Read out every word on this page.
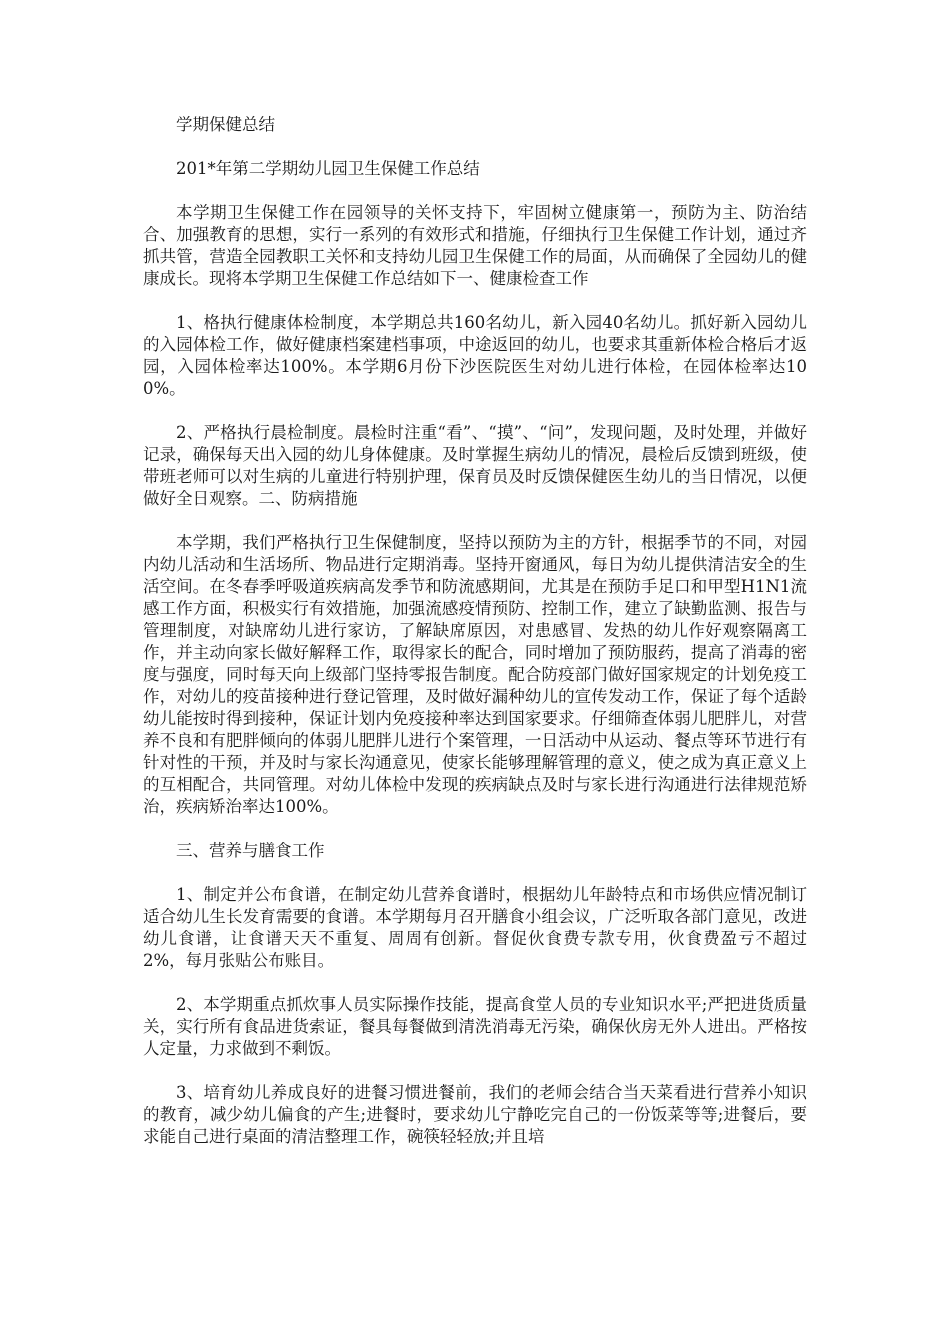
学期保健总结

201*年第二学期幼儿园卫生保健工作总结

本学期卫生保健工作在园领导的关怀支持下，牢固树立健康第一，预防为主、防治结合、加强教育的思想，实行一系列的有效形式和措施，仔细执行卫生保健工作计划，通过齐抓共管，营造全园教职工关怀和支持幼儿园卫生保健工作的局面，从而确保了全园幼儿的健康成长。现将本学期卫生保健工作总结如下一、健康检查工作

1、格执行健康体检制度，本学期总共160名幼儿，新入园40名幼儿。抓好新入园幼儿的入园体检工作，做好健康档案建档事项，中途返回的幼儿，也要求其重新体检合格后才返园，入园体检率达100%。本学期6月份下沙医院医生对幼儿进行体检，在园体检率达100%。

2、严格执行晨检制度。晨检时注重“看”、“摸”、“问”，发现问题，及时处理，并做好记录，确保每天出入园的幼儿身体健康。及时掌握生病幼儿的情况，晨检后反馈到班级，使带班老师可以对生病的儿童进行特别护理，保育员及时反馈保健医生幼儿的当日情况，以便做好全日观察。二、防病措施

本学期，我们严格执行卫生保健制度，坚持以预防为主的方针，根据季节的不同，对园内幼儿活动和生活场所、物品进行定期消毒。坚持开窗通风，每日为幼儿提供清洁安全的生活空间。在冬春季呼吸道疾病高发季节和防流感期间，尤其是在预防手足口和甲型H1N1流感工作方面，积极实行有效措施，加强流感疫情预防、控制工作，建立了缺勤监测、报告与管理制度，对缺席幼儿进行家访，了解缺席原因，对患感冒、发热的幼儿作好观察隔离工作，并主动向家长做好解释工作，取得家长的配合，同时增加了预防服药，提高了消毒的密度与强度，同时每天向上级部门坚持零报告制度。配合防疫部门做好国家规定的计划免疫工作，对幼儿的疫苗接种进行登记管理，及时做好漏种幼儿的宣传发动工作，保证了每个适龄幼儿能按时得到接种，保证计划内免疫接种率达到国家要求。仔细筛查体弱儿肥胖儿，对营养不良和有肥胖倾向的体弱儿肥胖儿进行个案管理，一日活动中从运动、餐点等环节进行有针对性的干预，并及时与家长沟通意见，使家长能够理解管理的意义，使之成为真正意义上的互相配合，共同管理。对幼儿体检中发现的疾病缺点及时与家长进行沟通进行法律规范矫治，疾病矫治率达100%。

三、营养与膳食工作

1、制定并公布食谱，在制定幼儿营养食谱时，根据幼儿年龄特点和市场供应情况制订适合幼儿生长发育需要的食谱。本学期每月召开膳食小组会议，广泛听取各部门意见，改进幼儿食谱，让食谱天天不重复、周周有创新。督促伙食费专款专用，伙食费盈亏不超过2%，每月张贴公布账目。

2、本学期重点抓炊事人员实际操作技能，提高食堂人员的专业知识水平;严把进货质量关，实行所有食品进货索证，餐具每餐做到清洗消毒无污染，确保伙房无外人进出。严格按人定量，力求做到不剩饭。

3、培育幼儿养成良好的进餐习惯进餐前，我们的老师会结合当天菜看进行营养小知识的教育，减少幼儿偏食的产生;进餐时，要求幼儿宁静吃完自己的一份饭菜等等;进餐后，要求能自己进行桌面的清洁整理工作，碗筷轻轻放;并且培
